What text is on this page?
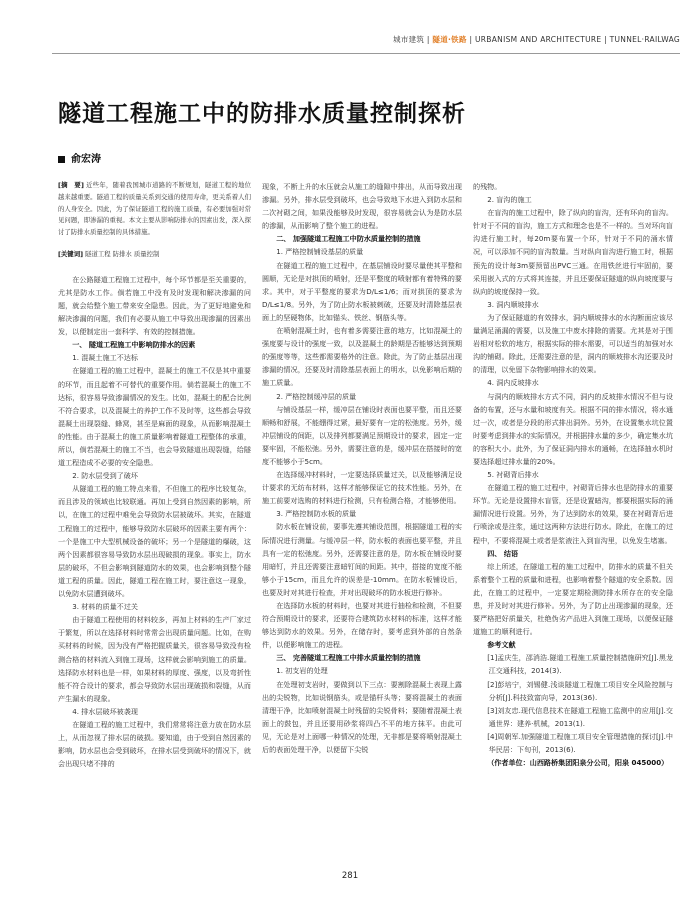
城市建筑 | 隧道·铁路 | URBANISM AND ARCHITECTURE | TUNNEL·RAILWAG
隧道工程施工中的防排水质量控制探析
俞宏涛
[摘　要] 近些年，随着我国城市道路的不断规划，隧道工程的地位越来越重要。隧道工程的质量关系到交通的使用寿命，更关系着人们的人身安全。因此，为了保证隧道工程的施工质量，有必要加强对常见问题，即渗漏的重视。本文主要从影响防排水的因素出发，深入探讨了防排水质量控制的具体措施。
[关键词] 隧道工程 防排水 质量控制

在公路隧道工程施工过程中，每个环节都是至关重要的，尤其是防水工作。倘若施工中没有及时发现和解决渗漏的问题，就会给整个施工带来安全隐患。因此，为了更好地避免和解决渗漏的问题，我们有必要从施工中导致出现渗漏的因素出发，以便制定出一套科学、有效的控制措施。

一、 隧道工程施工中影响防排水的因素

1. 混凝土施工不达标

在隧道工程的施工过程中，混凝土的施工不仅是其中重要的环节，而且起着不可替代的重要作用。倘若混凝土的施工不达标，很容易导致渗漏情况的发生。比如，混凝土的配合比例不符合要求，以及混凝土的养护工作不及时等，这些都会导致混凝土出现裂缝、蜂窝，甚至是麻面的现象，从而影响混凝土的性能。由于混凝土的施工质量影响着隧道工程整体的承重，所以，倘若混凝土的施工不当，也会导致隧道出现裂缝，给隧道工程造成不必要的安全隐患。

2. 防水层受到了破坏

从隧道工程的施工特点来看，不但施工的程序比较复杂，而且涉及的领域也比较联通。再加上受到自然因素的影响，所以，在施工的过程中难免会导致防水层被破坏。其实，在隧道工程施工的过程中，能够导致防水层破坏的因素主要有两个：一个是施工中大型机械设备的破坏；另一个是隧道的爆破，这两个因素都很容易导致防水层出现破损的现象。事实上，防水层的破坏，不但会影响到隧道防水的效果，也会影响到整个隧道工程的质量。因此，隧道工程在施工时，要注意这一现象，以免防水层遭到破坏。

3. 材料的质量不过关

由于隧道工程使用的材料较多，再加上材料的生产厂家过于繁复，所以在选择材料时常常会出现质量问题。比如，在购买材料的时候，因为没有严格把握质量关，很容易导致没有检测合格的材料流入到施工现场，这样就会影响到施工的质量。选择防水材料也是一样，如果材料的厚度、强度，以及弯折性能不符合设计的要求，都会导致防水层出现破损和裂缝，从而产生漏水的现象。

4. 排水层破坏被袭现

在隧道工程的施工过程中，我们常常将注意力放在防水层上，从而忽视了排水层的破损。要知道，由于受到自然因素的影响，防水层也会受到破坏，在排水层受到破坏的情况下，就会出现只堵不排的

现象，不断上升的水压就会从施工的缝隙中排出，从而导致出现渗漏。另外，排水层受到破坏，也会导致地下水进入到防水层和二次衬砌之间，如果没能够及时发现，很容易就会认为是防水层的渗漏，从而影响了整个施工的进程。

二、 加强隧道工程施工中防水质量控制的措施

1. 严格控制铺设基层的质量

在隧道工程的施工过程中，在基层铺设时要尽量使其平整和圆顺，无论是对拱顶的喷射，还是平整度的喷射都有着特殊的要求。其中，对于平整度的要求为D/L≤1/6；而对拱顶的要求为D/L≤1/8。另外，为了防止防水板被刺破，还要及时清除基层表面上的坚硬物体，比如锚头、铁丝、钢筋头等。

在喷射混凝土时，也有着多需要注意的地方，比如混凝土的强度要与设计的强度一致，以及混凝土的龄期是否能够达到预期的强度等等，这些都需要格外的注意。除此，为了防止基层出现渗漏的情况，还要及时清除基层表面上的明水，以免影响后期的施工质量。

2. 严格控制缓冲层的质量

与铺设基层一样，缓冲层在铺设时表面也要平整，而且还要顺畅和舒展，不能绷得过紧，最好要有一定的松弛度。另外，缓冲层铺设的间距，以及排列都要满足预期设计的要求，固定一定要牢固，不能松弛。另外，需要注意的是，缓冲层在搭接时的宽度不能够小于5cm。

在选择缓冲材料时，一定要选择质量过关，以及能够满足设计要求的无纺布材料，这样才能够保证它的技术性能。另外，在施工前要对选购的材料进行检测，只有检测合格，才能够使用。

3. 严格控制防水板的质量

防水板在铺设前，要事先遵其铺设范围，根据隧道工程的实际情况进行测量。与缓冲层一样，防水板的表面也要平整，并且具有一定的松弛度。另外，还需要注意的是，防水板在铺设时要用暗钉，并且还需要注意暗钉间的间距。其中，搭接的宽度不能够小于15cm，而且允许的误差是-10mm。在防水板铺设后，也要及时对其进行检查，并对出现破坏的防水板进行修补。

在选择防水板的材料时，也要对其进行抽检和检测，不但要符合预期设计的要求，还要符合建筑防水材料的标准，这样才能够达到防水的效果。另外，在储存时，要考虑到外部的自然条件，以便影响施工的进程。

三、 完善隧道工程施工中排水质量控制的措施

1. 初支岩的处理

在处理初支岩时，要做到以下三点：要割除混凝土表现上露出的尖锐物，比如说钢筋头，或是锚杆头等；要将混凝土的表面清理干净，比如喷射混凝土时残留的尖锐骨料；要随着混凝土表面上的鼓包，并且还要用砂浆将四凸不平的地方抹平。由此可见，无论是对上面哪一种情况的处理，无非都是要将喷射混凝土后的表面处理干净，以便留下尖锐

的残物。

2. 盲沟的施工

在盲沟的施工过程中，除了纵向的盲沟，还有环向的盲沟。针对于不同的盲沟，施工方式和理念也是不一样的。当对环向盲沟进行施工时，每20m要布置一个环，针对于不同的涌水情况，可以添加不同的盲沟数量。当对纵向盲沟进行施工时，根据预先的设计每3m要预留出PVC三通。在用铁丝进行牢固前，要采用嵌入式的方式将其连接，并且还要保证隧道的纵向坡度要与纵向的坡度保持一致。

3. 洞内顺坡排水

为了保证隧道的有效排水，洞内顺坡排水的水沟断面应该尽量满足涌漏的需要，以及施工中废水排除的需要。尤其是对于围岩相对松软的地方，根据实际的排水需要，可以适当的加强对水沟的铺砌。除此，还需要注意的是，洞内的顺坡排水沟还要及时的清理，以免留下杂物影响排水的效果。

4. 洞内反坡排水

与洞内的顺坡排水方式不同，洞内的反坡排水情况不但与设备的布置，还与水量和坡度有关。根据不同的排水情况，将水通过一次，或者是分段的形式排出洞外。另外，在设置集水坑位置时要考虑到排水的实际情况，并根据排水量的多少，确定集水坑的容积大小。此外，为了保证洞内排水的通畅，在选择抽水机时要选择超过排水量的20%。

5. 衬砌背后排水

在隧道工程的施工过程中，衬砌背后排水也是防排水的重要环节。无论是设置排水盲管，还是设置暗沟，都要根据实际的涌漏情况进行设置。另外，为了达到防水的效果，要在衬砌背后进行喷涂或是注浆，通过这两种方法进行防水。除此，在施工的过程中，不要将混凝土或者是浆液注入到盲沟里，以免发生堵塞。

四、 结语

综上所述，在隧道工程的施工过程中，防排水的质量不但关系着整个工程的质量和进程，也影响着整个隧道的安全系数。因此，在施工的过程中，一定要定期检测防排水所存在的安全隐患，并及时对其进行修补。另外，为了防止出现渗漏的现象，还要严格把好质量关，杜绝伪劣产品进入到施工现场，以便保证隧道施工的顺利进行。

参考文献

[1]孟庆生，邵消浩.隧道工程施工质量控制措施研究[J].黑龙江交通科技，2014(3).

[2]彭培宁，刘锡健.浅谈隧道工程施工项目安全风险控制与分析[J].科技致富向导，2013(36).

[3]刘友忠.现代信息技术在隧道工程施工监测中的应用[J].交通世界：建养·机械，2013(1).

[4]周朝军.加强隧道工程施工项目安全管理措施的探讨[J].中华民居：下旬刊，2013(6).

（作者单位：山西路桥集团阳泉分公司，阳泉 045000）

281
